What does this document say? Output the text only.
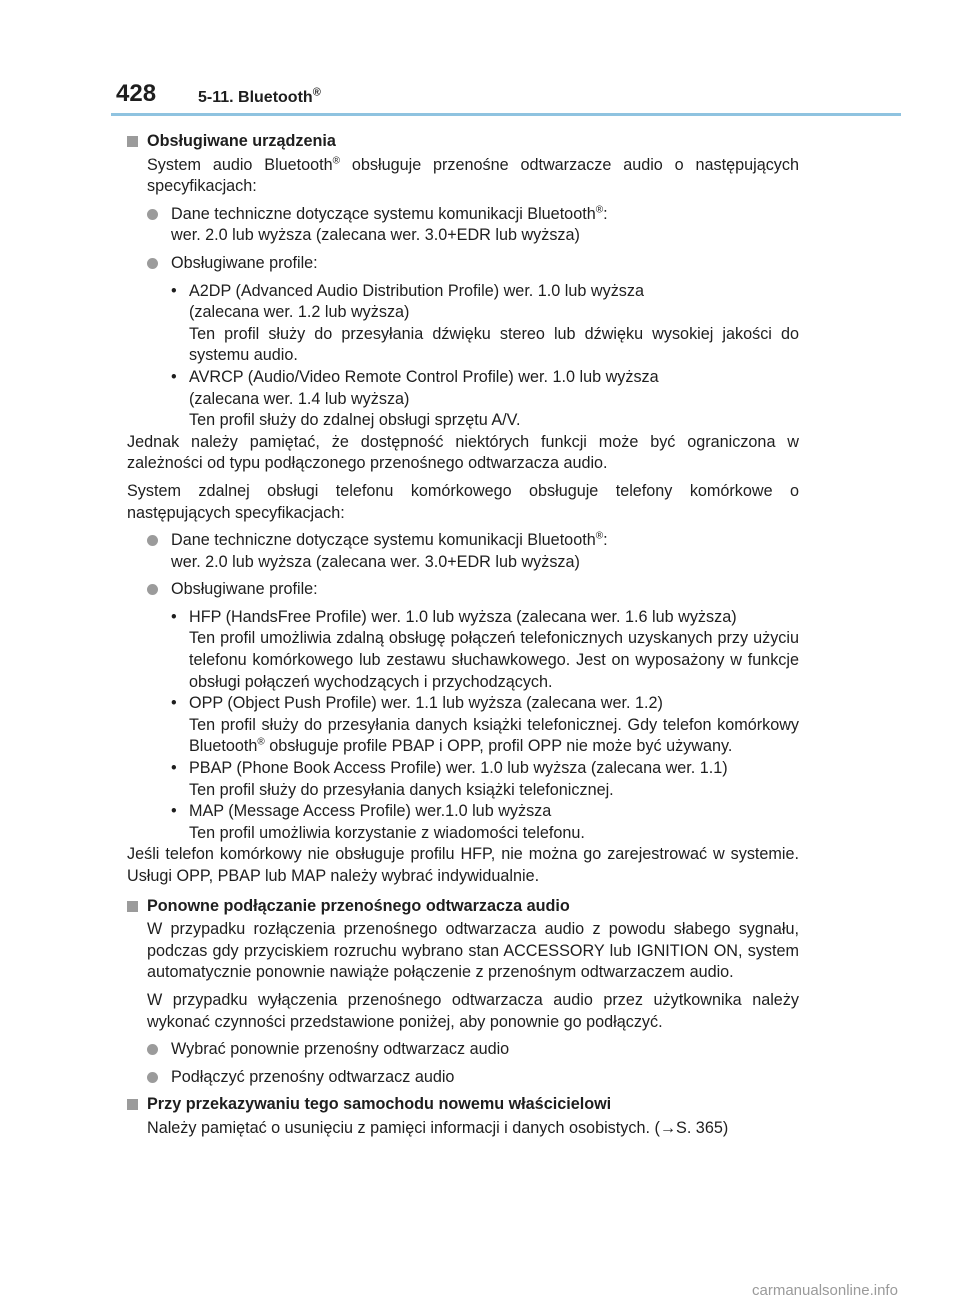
428	5-11. Bluetooth®
Obsługiwane urządzenia
System audio Bluetooth® obsługuje przenośne odtwarzacze audio o następujących specyfikacjach:
Dane techniczne dotyczące systemu komunikacji Bluetooth®:
wer. 2.0 lub wyższa (zalecana wer. 3.0+EDR lub wyższa)
Obsługiwane profile:
• A2DP (Advanced Audio Distribution Profile) wer. 1.0 lub wyższa
(zalecana wer. 1.2 lub wyższa)
Ten profil służy do przesyłania dźwięku stereo lub dźwięku wysokiej jakości do systemu audio.
• AVRCP (Audio/Video Remote Control Profile) wer. 1.0 lub wyższa
(zalecana wer. 1.4 lub wyższa)
Ten profil służy do zdalnej obsługi sprzętu A/V.
Jednak należy pamiętać, że dostępność niektórych funkcji może być ograniczona w zależności od typu podłączonego przenośnego odtwarzacza audio.
System zdalnej obsługi telefonu komórkowego obsługuje telefony komórkowe o następujących specyfikacjach:
Dane techniczne dotyczące systemu komunikacji Bluetooth®:
wer. 2.0 lub wyższa (zalecana wer. 3.0+EDR lub wyższa)
Obsługiwane profile:
• HFP (HandsFree Profile) wer. 1.0 lub wyższa (zalecana wer. 1.6 lub wyższa)
Ten profil umożliwia zdalną obsługę połączeń telefonicznych uzyskanych przy użyciu telefonu komórkowego lub zestawu słuchawkowego. Jest on wyposażony w funkcje obsługi połączeń wychodzących i przychodzących.
• OPP (Object Push Profile) wer. 1.1 lub wyższa (zalecana wer. 1.2)
Ten profil służy do przesyłania danych książki telefonicznej. Gdy telefon komórkowy Bluetooth® obsługuje profile PBAP i OPP, profil OPP nie może być używany.
• PBAP (Phone Book Access Profile) wer. 1.0 lub wyższa (zalecana wer. 1.1)
Ten profil służy do przesyłania danych książki telefonicznej.
• MAP (Message Access Profile) wer.1.0 lub wyższa
Ten profil umożliwia korzystanie z wiadomości telefonu.
Jeśli telefon komórkowy nie obsługuje profilu HFP, nie można go zarejestrować w systemie. Usługi OPP, PBAP lub MAP należy wybrać indywidualnie.
Ponowne podłączanie przenośnego odtwarzacza audio
W przypadku rozłączenia przenośnego odtwarzacza audio z powodu słabego sygnału, podczas gdy przyciskiem rozruchu wybrano stan ACCESSORY lub IGNITION ON, system automatycznie ponownie nawiąże połączenie z przenośnym odtwarzaczem audio.
W przypadku wyłączenia przenośnego odtwarzacza audio przez użytkownika należy wykonać czynności przedstawione poniżej, aby ponownie go podłączyć.
Wybrać ponownie przenośny odtwarzacz audio
Podłączyć przenośny odtwarzacz audio
Przy przekazywaniu tego samochodu nowemu właścicielowi
Należy pamiętać o usunięciu z pamięci informacji i danych osobistych. (→S. 365)
carmanualsonline.info
